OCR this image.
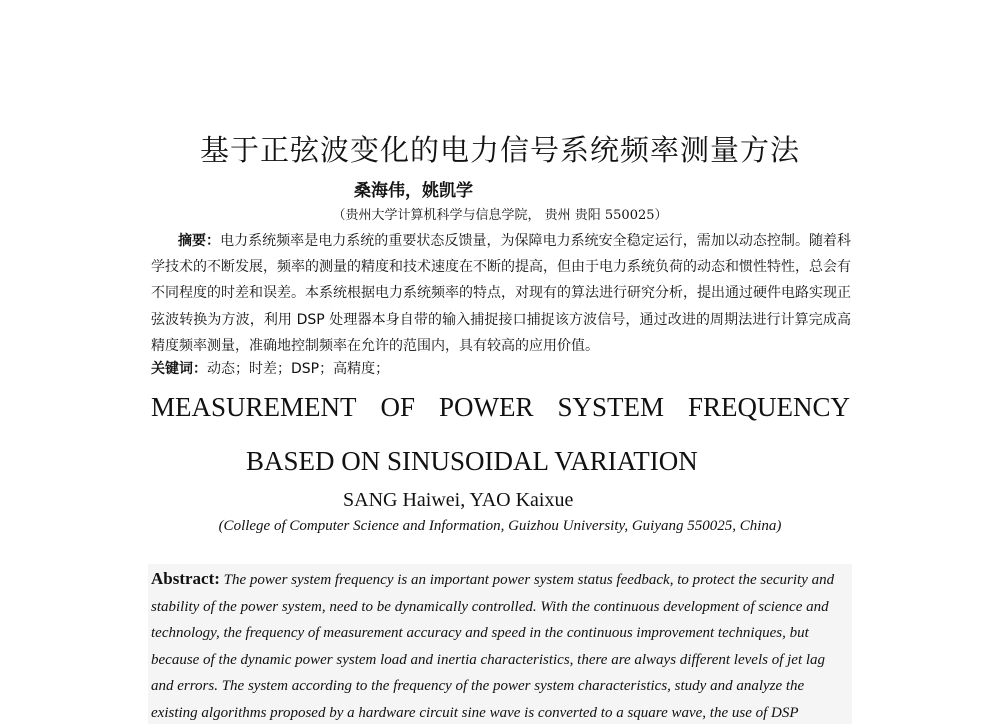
基于正弦波变化的电力信号系统频率测量方法
桑海伟，姚凯学
（贵州大学计算机科学与信息学院， 贵州 贵阳 550025）

摘要：电力系统频率是电力系统的重要状态反馈量，为保障电力系统安全稳定运行，需加以动态控制。随着科学技术的不断发展，频率的测量的精度和技术速度在不断的提高，但由于电力系统负荷的动态和惯性特性，总会有不同程度的时差和误差。本系统根据电力系统频率的特点，对现有的算法进行研究分析，提出通过硬件电路实现正弦波转换为方波，利用 DSP 处理器本身自带的输入捕捉接口捕捉该方波信号，通过改进的周期法进行计算完成高精度频率测量，准确地控制频率在允许的范围内，具有较高的应用价值。

关键词：动态；时差；DSP；高精度；
MEASUREMENT OF POWER SYSTEM FREQUENCY
BASED ON SINUSOIDAL VARIATION
SANG Haiwei, YAO Kaixue
(College of Computer Science and Information, Guizhou University, Guiyang 550025, China)

Abstract: The power system frequency is an important power system status feedback, to protect the security and stability of the power system, need to be dynamically controlled. With the continuous development of science and technology, the frequency of measurement accuracy and speed in the continuous improvement techniques, but because of the dynamic power system load and inertia characteristics, there are always different levels of jet lag and errors. The system according to the frequency of the power system characteristics, study and analyze the existing algorithms proposed by a hardware circuit sine wave is converted to a square wave, the use of DSP
